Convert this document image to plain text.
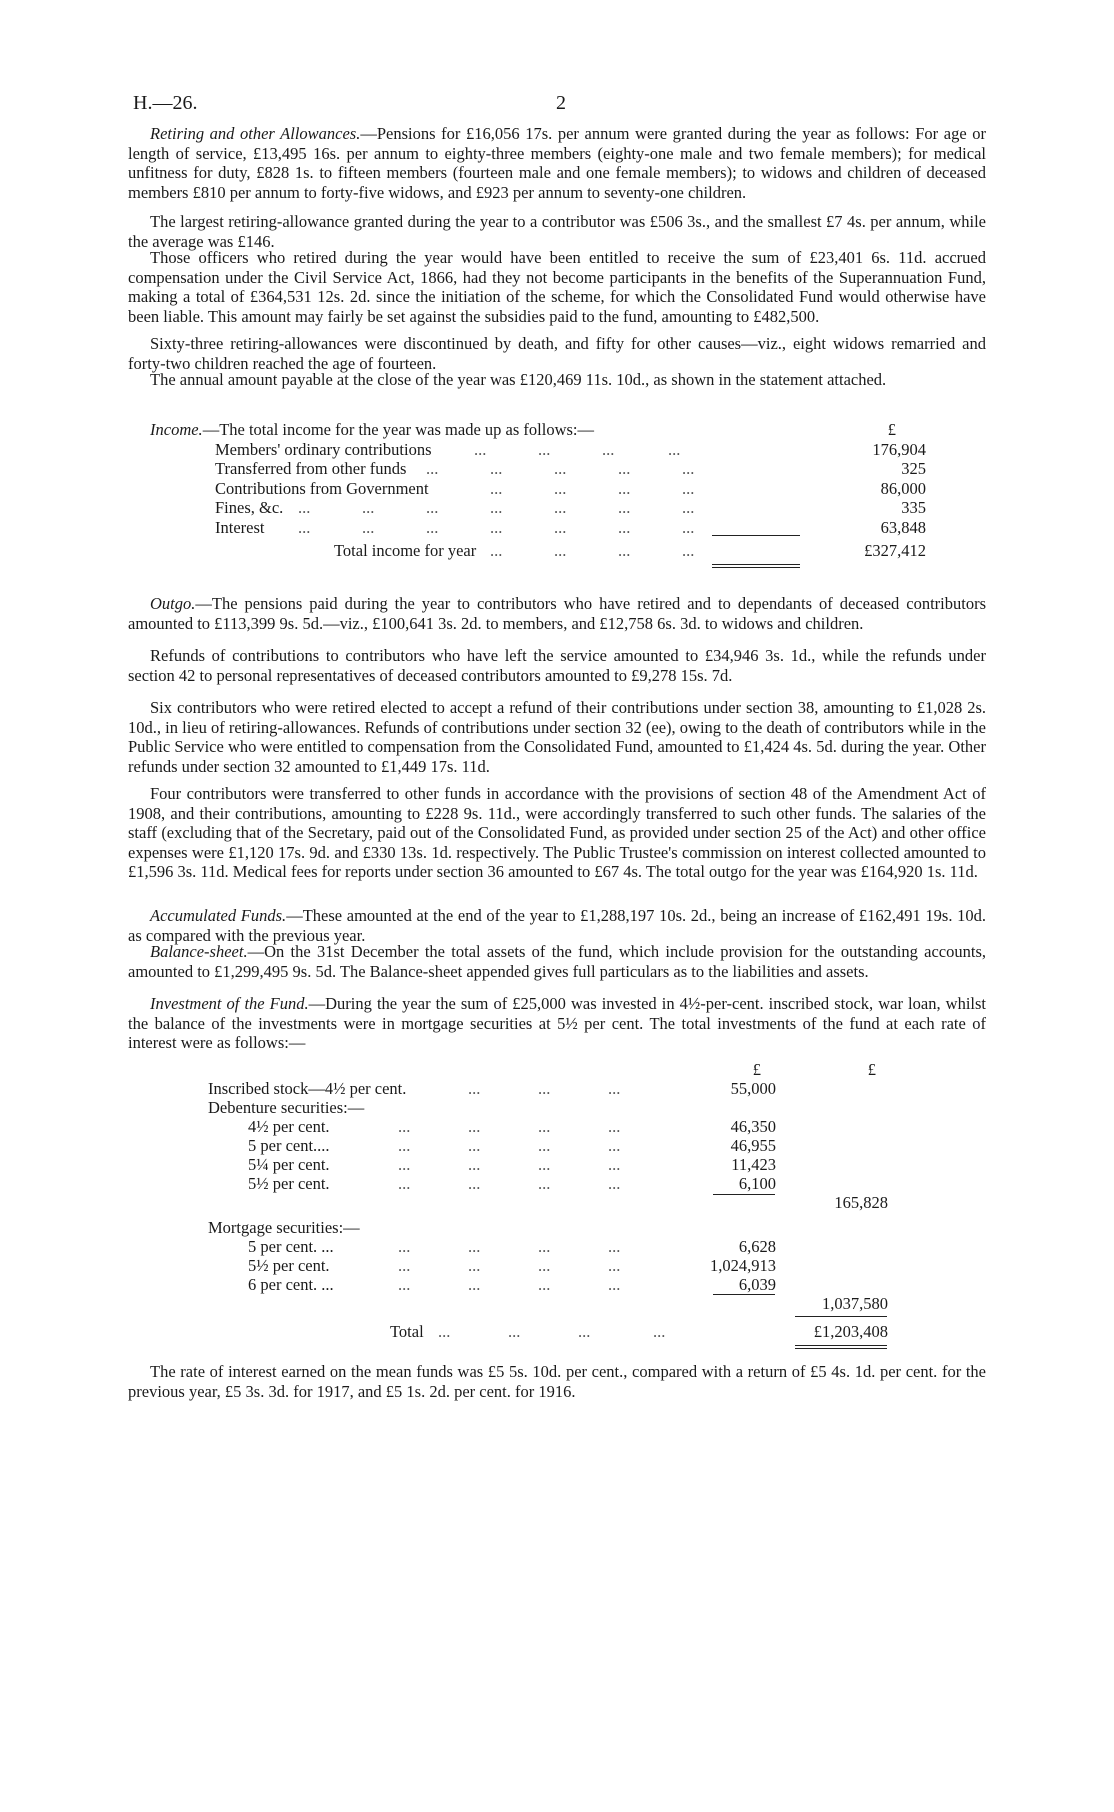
H.—26.	2

Retiring and other Allowances.—Pensions for £16,056 17s. per annum were granted during the year as follows: For age or length of service, £13,495 16s. per annum to eighty-three members (eighty-one male and two female members); for medical unfitness for duty, £828 1s. to fifteen members (fourteen male and one female members); to widows and children of deceased members £810 per annum to forty-five widows, and £923 per annum to seventy-one children.

The largest retiring-allowance granted during the year to a contributor was £506 3s., and the smallest £7 4s. per annum, while the average was £146.

Those officers who retired during the year would have been entitled to receive the sum of £23,401 6s. 11d. accrued compensation under the Civil Service Act, 1866, had they not become participants in the benefits of the Superannuation Fund, making a total of £364,531 12s. 2d. since the initiation of the scheme, for which the Consolidated Fund would otherwise have been liable. This amount may fairly be set against the subsidies paid to the fund, amounting to £482,500.

Sixty-three retiring-allowances were discontinued by death, and fifty for other causes—viz., eight widows remarried and forty-two children reached the age of fourteen.

The annual amount payable at the close of the year was £120,469 11s. 10d., as shown in the statement attached.

Income.—The total income for the year was made up as follows:—	£
Members' ordinary contributions	...	...	...	...	176,904
Transferred from other funds ...	...	...	...	...	325
Contributions from Government	...	...	...	...	86,000
Fines, &c. ...	...	...	...	...	...	...	335
Interest ...	...	...	...	...	...	...	63,848
Total income for year ...	...	...	...	£327,412

Outgo.—The pensions paid during the year to contributors who have retired and to dependants of deceased contributors amounted to £113,399 9s. 5d.—viz., £100,641 3s. 2d. to members, and £12,758 6s. 3d. to widows and children.

Refunds of contributions to contributors who have left the service amounted to £34,946 3s. 1d., while the refunds under section 42 to personal representatives of deceased contributors amounted to £9,278 15s. 7d.

Six contributors who were retired elected to accept a refund of their contributions under section 38, amounting to £1,028 2s. 10d., in lieu of retiring-allowances. Refunds of contributions under section 32 (ee), owing to the death of contributors while in the Public Service who were entitled to compensation from the Consolidated Fund, amounted to £1,424 4s. 5d. during the year. Other refunds under section 32 amounted to £1,449 17s. 11d.

Four contributors were transferred to other funds in accordance with the provisions of section 48 of the Amendment Act of 1908, and their contributions, amounting to £228 9s. 11d., were accordingly transferred to such other funds. The salaries of the staff (excluding that of the Secretary, paid out of the Consolidated Fund, as provided under section 25 of the Act) and other office expenses were £1,120 17s. 9d. and £330 13s. 1d. respectively. The Public Trustee's commission on interest collected amounted to £1,596 3s. 11d. Medical fees for reports under section 36 amounted to £67 4s. The total outgo for the year was £164,920 1s. 11d.

Accumulated Funds.—These amounted at the end of the year to £1,288,197 10s. 2d., being an increase of £162,491 19s. 10d. as compared with the previous year.

Balance-sheet.—On the 31st December the total assets of the fund, which include provision for the outstanding accounts, amounted to £1,299,495 9s. 5d. The Balance-sheet appended gives full particulars as to the liabilities and assets.

Investment of the Fund.—During the year the sum of £25,000 was invested in 4½-per-cent. inscribed stock, war loan, whilst the balance of the investments were in mortgage securities at 5½ per cent. The total investments of the fund at each rate of interest were as follows:—

£	£
Inscribed stock—4½ per cent.	...	...	...	55,000
Debenture securities:—
4½ per cent.	...	...	...	...	46,350
5 per cent....	...	...	...	...	46,955
5¼ per cent.	...	...	...	...	11,423
5½ per cent.	...	...	...	...	6,100
165,828
Mortgage securities:—
5 per cent. ...	...	...	...	...	6,628
5½ per cent.	...	...	...	...	1,024,913
6 per cent. ...	...	...	...	...	6,039
1,037,580
Total ...	...	...	...	£1,203,408

The rate of interest earned on the mean funds was £5 5s. 10d. per cent., compared with a return of £5 4s. 1d. per cent. for the previous year, £5 3s. 3d. for 1917, and £5 1s. 2d. per cent. for 1916.
